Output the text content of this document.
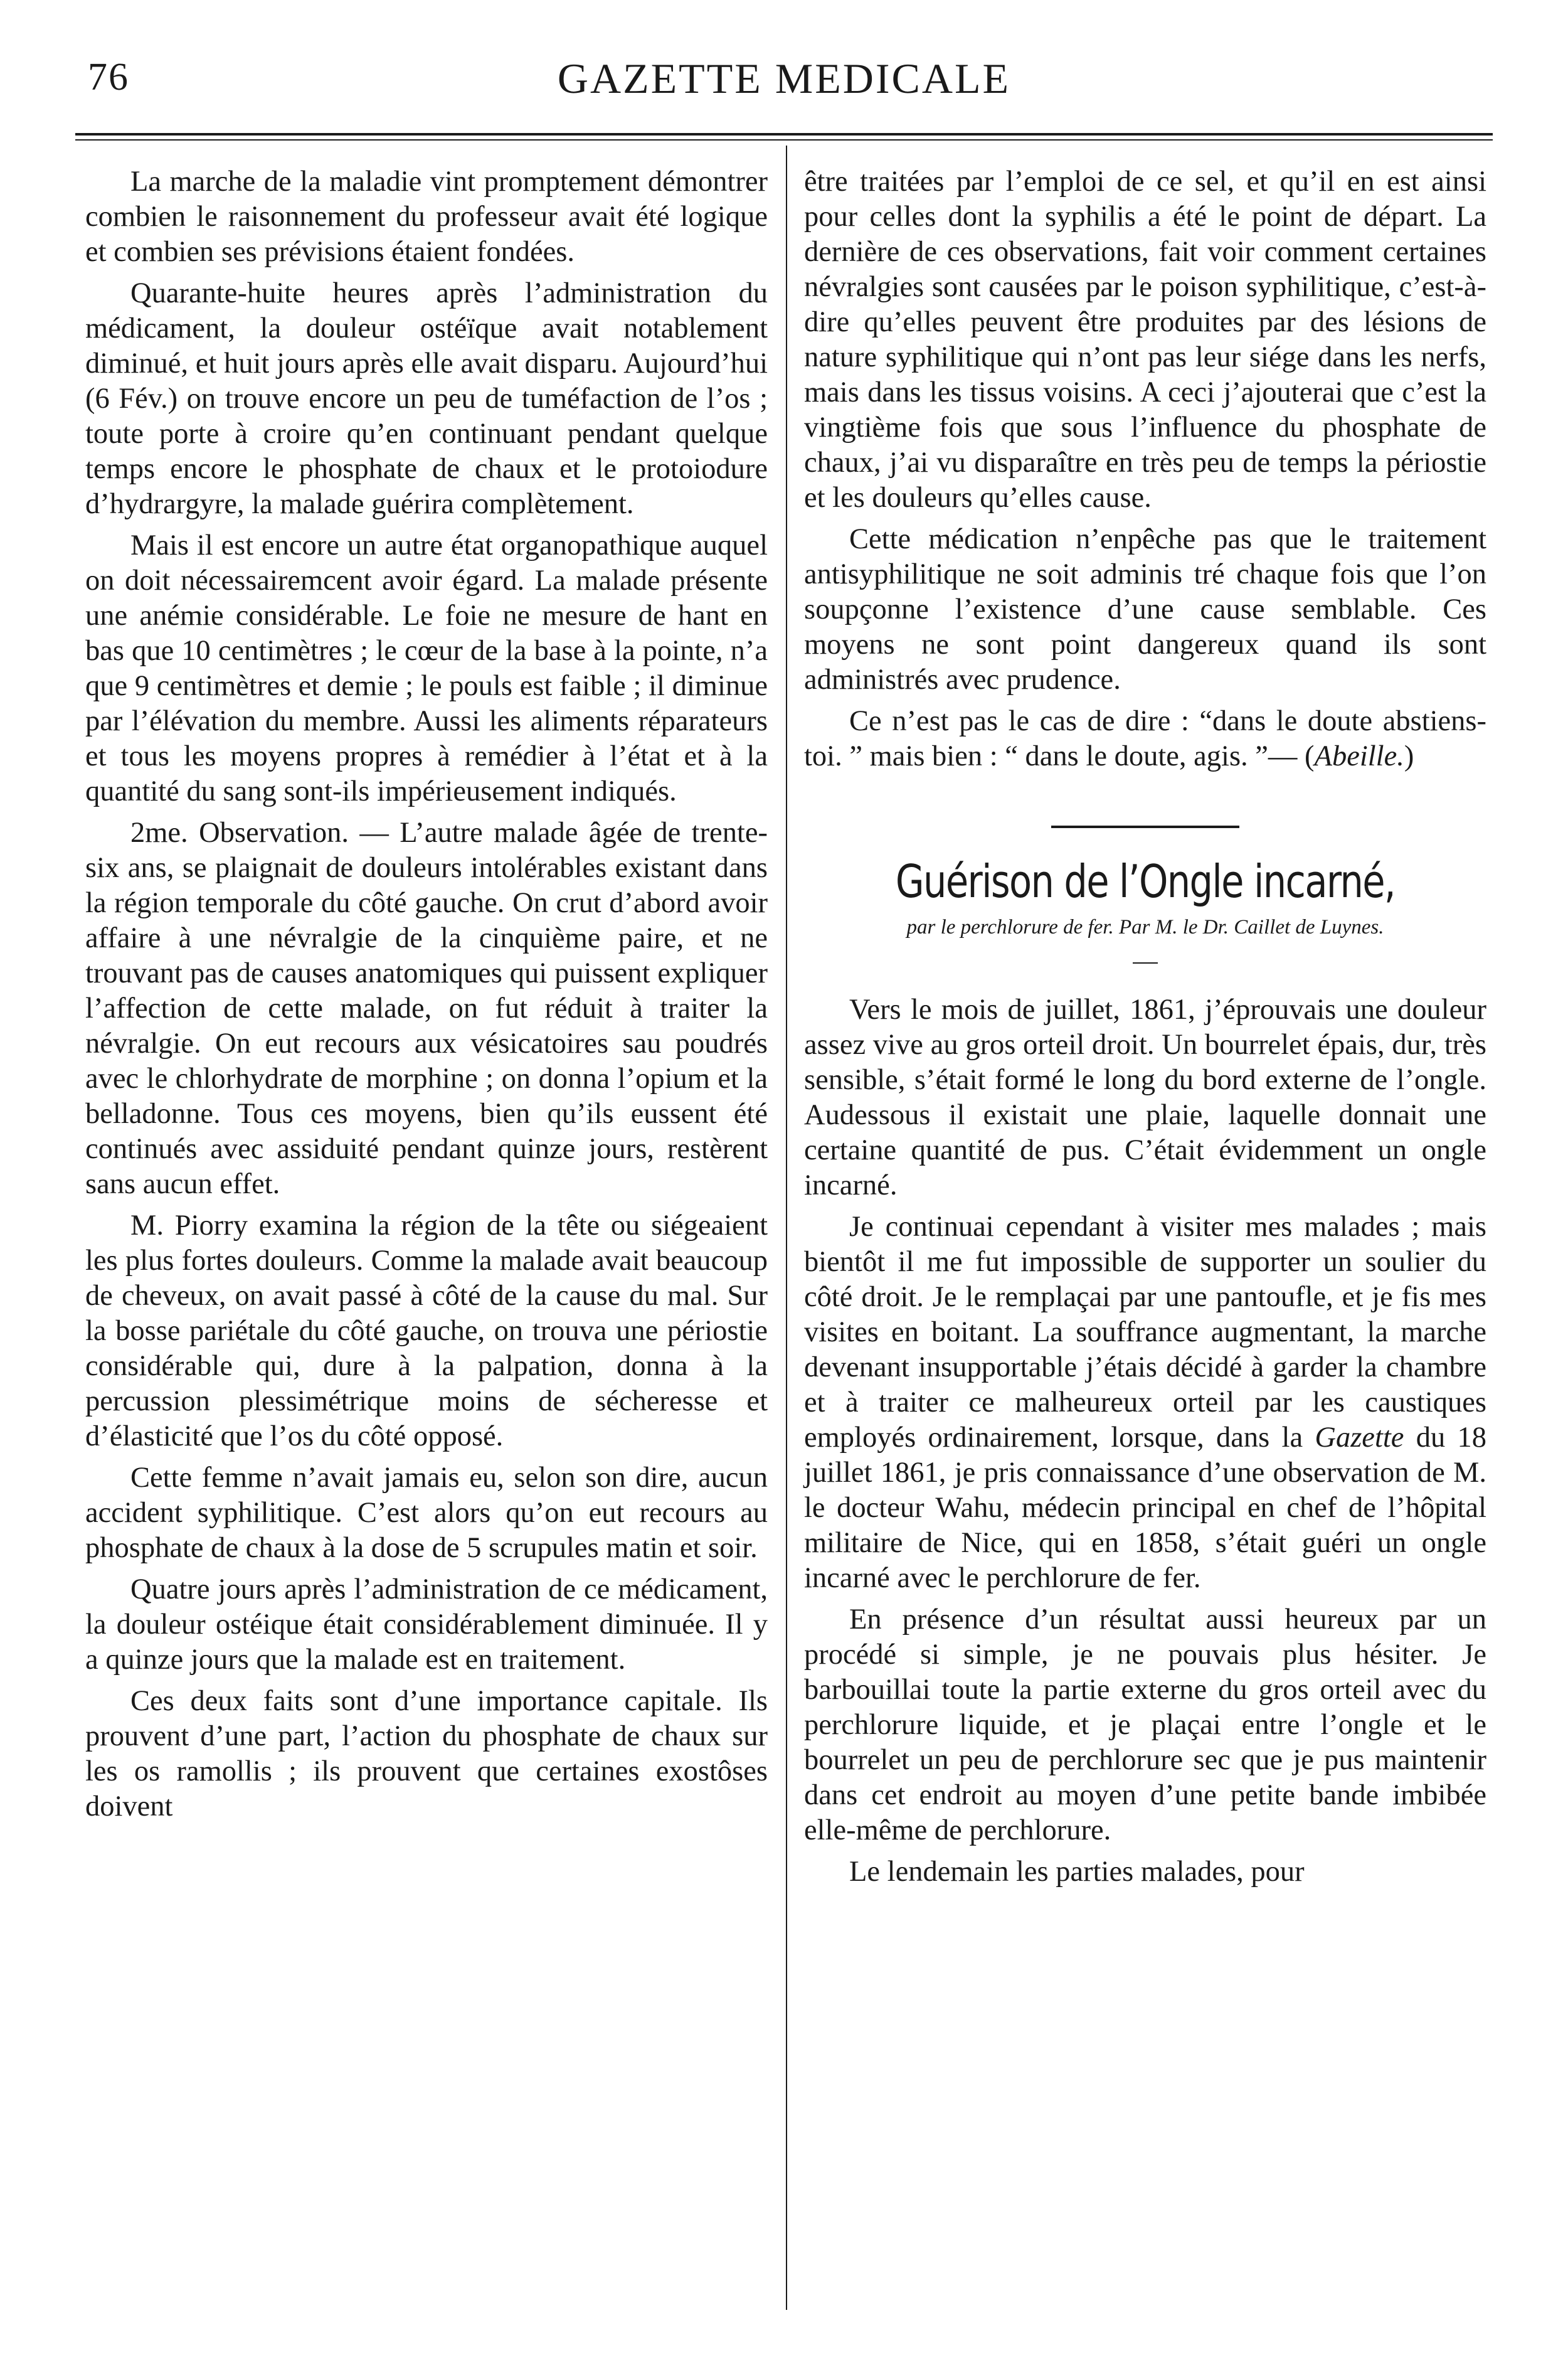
76	GAZETTE MEDICALE

La marche de la maladie vint promptement démontrer combien le raisonnement du professeur avait été logique et combien ses prévisions étaient fondées.

Quarante-huite heures après l’administration du médicament, la douleur ostéïque avait notablement diminué, et huit jours après elle avait disparu. Aujourd’hui (6 Fév.) on trouve encore un peu de tuméfaction de l’os ; toute porte à croire qu’en continuant pendant quelque temps encore le phosphate de chaux et le protoiodure d’hydrargyre, la malade guérira complètement.

Mais il est encore un autre état organopathique auquel on doit nécessairemcent avoir égard. La malade présente une anémie considérable. Le foie ne mesure de hant en bas que 10 centimètres ; le cœur de la base à la pointe, n’a que 9 centimètres et demie ; le pouls est faible ; il diminue par l’élévation du membre. Aussi les aliments réparateurs et tous les moyens propres à remédier à l’état et à la quantité du sang sont-ils impérieusement indiqués.

2me. Observation. — L’autre malade âgée de trente-six ans, se plaignait de douleurs intolérables existant dans la région temporale du côté gauche. On crut d’abord avoir affaire à une névralgie de la cinquième paire, et ne trouvant pas de causes anatomiques qui puissent expliquer l’affection de cette malade, on fut réduit à traiter la névralgie. On eut recours aux vésicatoires sau poudrés avec le chlorhydrate de morphine ; on donna l’opium et la belladonne. Tous ces moyens, bien qu’ils eussent été continués avec assiduité pendant quinze jours, restèrent sans aucun effet.

M. Piorry examina la région de la tête ou siégeaient les plus fortes douleurs. Comme la malade avait beaucoup de cheveux, on avait passé à côté de la cause du mal. Sur la bosse pariétale du côté gauche, on trouva une périostie considérable qui, dure à la palpation, donna à la percussion plessimétrique moins de sécheresse et d’élasticité que l’os du côté opposé.

Cette femme n’avait jamais eu, selon son dire, aucun accident syphilitique. C’est alors qu’on eut recours au phosphate de chaux à la dose de 5 scrupules matin et soir.

Quatre jours après l’administration de ce médicament, la douleur ostéique était considérablement diminuée. Il y a quinze jours que la malade est en traitement.

Ces deux faits sont d’une importance capitale. Ils prouvent d’une part, l’action du phosphate de chaux sur les os ramollis ; ils prouvent que certaines exostôses doivent

être traitées par l’emploi de ce sel, et qu’il en est ainsi pour celles dont la syphilis a été le point de départ. La dernière de ces observations, fait voir comment certaines névralgies sont causées par le poison syphilitique, c’est-à-dire qu’elles peuvent être produites par des lésions de nature syphilitique qui n’ont pas leur siége dans les nerfs, mais dans les tissus voisins. A ceci j’ajouterai que c’est la vingtième fois que sous l’influence du phosphate de chaux, j’ai vu disparaître en très peu de temps la périostie et les douleurs qu’elles cause.

Cette médication n’enpêche pas que le traitement antisyphilitique ne soit adminis tré chaque fois que l’on soupçonne l’existence d’une cause semblable. Ces moyens ne sont point dangereux quand ils sont administrés avec prudence.

Ce n’est pas le cas de dire : “dans le doute abstiens-toi. ” mais bien : “ dans le doute, agis. ”— (Abeille.)

Guérison de l’Ongle incarné,
par le perchlorure de fer. Par M. le Dr. Caillet de Luynes.

Vers le mois de juillet, 1861, j’éprouvais une douleur assez vive au gros orteil droit. Un bourrelet épais, dur, très sensible, s’était formé le long du bord externe de l’ongle. Audessous il existait une plaie, laquelle donnait une certaine quantité de pus. C’était évidemment un ongle incarné.

Je continuai cependant à visiter mes malades ; mais bientôt il me fut impossible de supporter un soulier du côté droit. Je le remplaçai par une pantoufle, et je fis mes visites en boitant. La souffrance augmentant, la marche devenant insupportable j’étais décidé à garder la chambre et à traiter ce malheureux orteil par les caustiques employés ordinairement, lorsque, dans la Gazette du 18 juillet 1861, je pris connaissance d’une observation de M. le docteur Wahu, médecin principal en chef de l’hôpital militaire de Nice, qui en 1858, s’était guéri un ongle incarné avec le perchlorure de fer.

En présence d’un résultat aussi heureux par un procédé si simple, je ne pouvais plus hésiter. Je barbouillai toute la partie externe du gros orteil avec du perchlorure liquide, et je plaçai entre l’ongle et le bourrelet un peu de perchlorure sec que je pus maintenir dans cet endroit au moyen d’une petite bande imbibée elle-même de perchlorure.

Le lendemain les parties malades, pour
